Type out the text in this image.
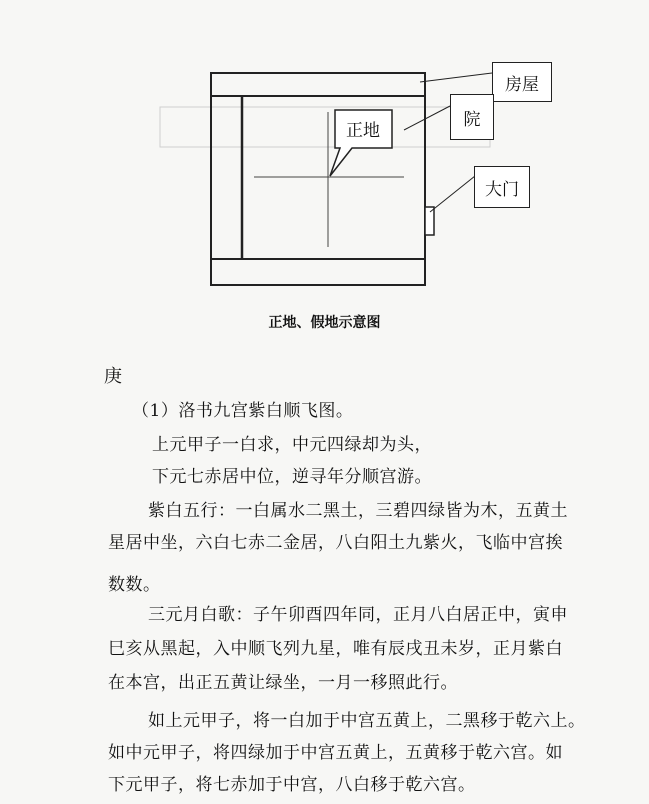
房屋
院
正地
大门
正地、假地示意图
庚
（1）洛书九宫紫白顺飞图。
上元甲子一白求，中元四绿却为头，
下元七赤居中位，逆寻年分顺宫游。
紫白五行：一白属水二黑土，三碧四绿皆为木，五黄土
星居中坐，六白七赤二金居，八白阳土九紫火，飞临中宫挨
数数。
三元月白歌：子午卯酉四年同，正月八白居正中，寅申
巳亥从黑起，入中顺飞列九星，唯有辰戌丑未岁，正月紫白
在本宫，出正五黄让绿坐，一月一移照此行。
如上元甲子，将一白加于中宫五黄上，二黑移于乾六上。
如中元甲子，将四绿加于中宫五黄上，五黄移于乾六宫。如
下元甲子，将七赤加于中宫，八白移于乾六宫。
